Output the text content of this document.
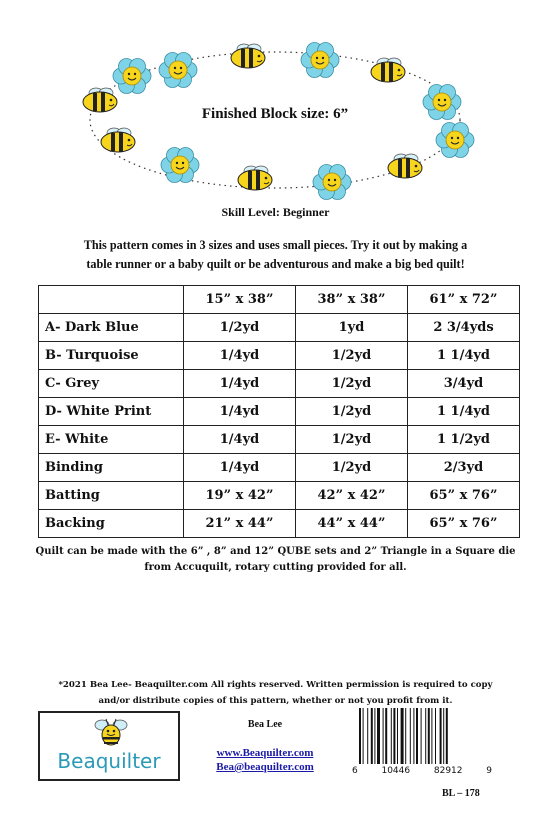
Finished Block size: 6”
Skill Level: Beginner
This pattern comes in 3 sizes and uses small pieces. Try it out by making a
table runner or a baby quilt or be adventurous and make a big bed quilt!
	15” x 38”	38” x 38”	61” x 72”
A- Dark Blue	1/2yd	1yd	2 3/4yds
B- Turquoise	1/4yd	1/2yd	1 1/4yd
C- Grey	1/4yd	1/2yd	3/4yd
D- White Print	1/4yd	1/2yd	1 1/4yd
E- White	1/4yd	1/2yd	1 1/2yd
Binding	1/4yd	1/2yd	2/3yd
Batting	19” x 42”	42” x 42”	65” x 76”
Backing	21” x 44”	44” x 44”	65” x 76”
Quilt can be made with the 6” , 8” and 12” QUBE sets and 2” Triangle in a Square die
from Accuquilt, rotary cutting provided for all.
*2021 Bea Lee- Beaquilter.com All rights reserved. Written permission is required to copy
and/or distribute copies of this pattern, whether or not you profit from it.
Beaquilter
Bea Lee
www.Beaquilter.com
Bea@beaquilter.com	6	10446	82912	9
BL – 178
